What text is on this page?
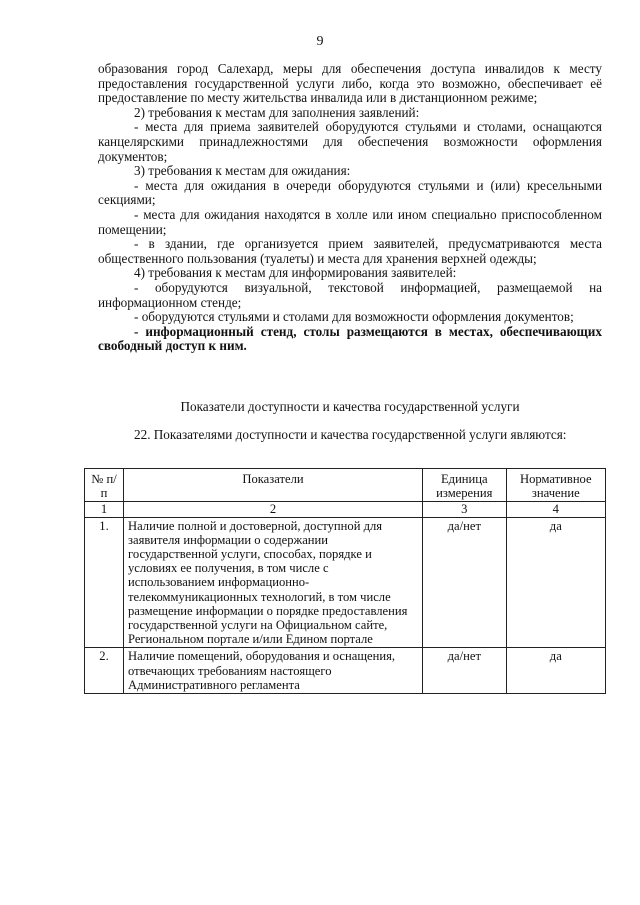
9

образования город Салехард, меры для обеспечения доступа инвалидов к месту предоставления государственной услуги либо, когда это возможно, обеспечивает её предоставление по месту жительства инвалида или в дистанционном режиме;

2) требования к местам для заполнения заявлений:

- места для приема заявителей оборудуются стульями и столами, оснащаются канцелярскими принадлежностями для обеспечения возможности оформления документов;

3) требования к местам для ожидания:

- места для ожидания в очереди оборудуются стульями и (или) кресельными секциями;

- места для ожидания находятся в холле или ином специально приспособленном помещении;

- в здании, где организуется прием заявителей, предусматриваются места общественного пользования (туалеты) и места для хранения верхней одежды;

4) требования к местам для информирования заявителей:

- оборудуются визуальной, текстовой информацией, размещаемой на информационном стенде;

- оборудуются стульями и столами для возможности оформления документов;

- информационный стенд, столы размещаются в местах, обеспечивающих свободный доступ к ним.

Показатели доступности и качества государственной услуги

22. Показателями доступности и качества государственной услуги являются:

№ п/п	Показатели	Единица измерения	Нормативное значение
1	2	3	4
1.	Наличие полной и достоверной, доступной для заявителя информации о содержании государственной услуги, способах, порядке и условиях ее получения, в том числе с использованием информационно-телекоммуникационных технологий, в том числе размещение информации о порядке предоставления государственной услуги на Официальном сайте, Региональном портале и/или Едином портале	да/нет	да
2.	Наличие помещений, оборудования и оснащения, отвечающих требованиям настоящего Административного регламента	да/нет	да
